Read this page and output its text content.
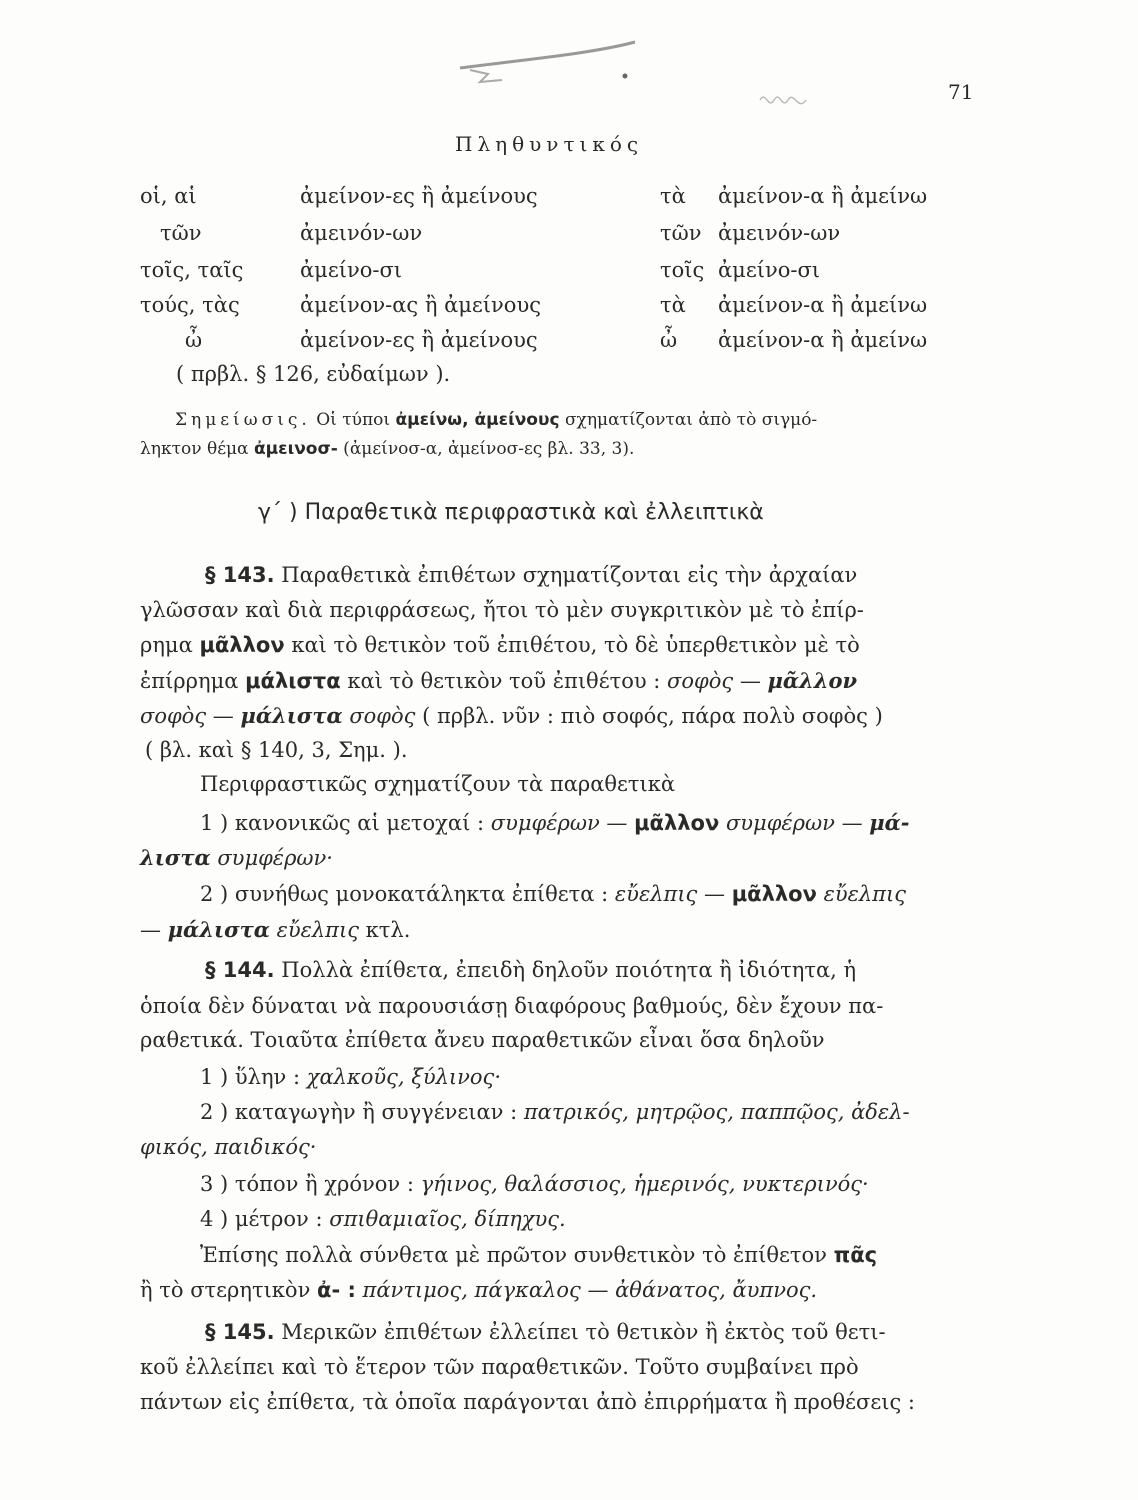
71
Πληθυντικός
οἱ, αἱ	ἀμείνον-ες ἢ ἀμείνους	τὰ ἀμείνον-α ἢ ἀμείνω
τῶν	ἀμεινόν-ων	τῶν ἀμεινόν-ων
τοῖς, ταῖς	ἀμείνο-σι	τοῖς ἀμείνο-σι
τούς, τὰς	ἀμείνον-ας ἢ ἀμείνους	τὰ ἀμείνον-α ἢ ἀμείνω
ὦ	ἀμείνον-ες ἢ ἀμείνους	ὦ ἀμείνον-α ἢ ἀμείνω
( πρβλ. § 126, εὐδαίμων ).
Σημείωσις. Οἱ τύποι ἀμείνω, ἀμείνους σχηματίζονται ἀπὸ τὸ σιγμό-
ληκτον θέμα ἀμεινοσ- (ἀμείνοσ-α, ἀμείνοσ-ες βλ. 33, 3).
γ΄ ) Παραθετικὰ περιφραστικὰ καὶ ἐλλειπτικὰ
§ 143. Παραθετικὰ ἐπιθέτων σχηματίζονται εἰς τὴν ἀρχαίαν
γλῶσσαν καὶ διὰ περιφράσεως, ἤτοι τὸ μὲν συγκριτικὸν μὲ τὸ ἐπίρ-
ρημα μᾶλλον καὶ τὸ θετικὸν τοῦ ἐπιθέτου, τὸ δὲ ὑπερθετικὸν μὲ τὸ
ἐπίρρημα μάλιστα καὶ τὸ θετικὸν τοῦ ἐπιθέτου : σοφὸς — μᾶλλον
σοφὸς — μάλιστα σοφὸς ( πρβλ. νῦν : πιὸ σοφός, πάρα πολὺ σοφὸς )
( βλ. καὶ § 140, 3, Σημ. ).
Περιφραστικῶς σχηματίζουν τὰ παραθετικὰ
1 ) κανονικῶς αἱ μετοχαί : συμφέρων — μᾶλλον συμφέρων — μά-
λιστα συμφέρων·
2 ) συνήθως μονοκατάληκτα ἐπίθετα : εὔελπις — μᾶλλον εὔελπις
— μάλιστα εὔελπις κτλ.
§ 144. Πολλὰ ἐπίθετα, ἐπειδὴ δηλοῦν ποιότητα ἢ ἰδιότητα, ἡ
ὁποία δὲν δύναται νὰ παρουσιάσῃ διαφόρους βαθμούς, δὲν ἔχουν πα-
ραθετικά. Τοιαῦτα ἐπίθετα ἄνευ παραθετικῶν εἶναι ὅσα δηλοῦν
1 ) ὕλην : χαλκοῦς, ξύλινος·
2 ) καταγωγὴν ἢ συγγένειαν : πατρικός, μητρῷος, παππῷος, ἀδελ-
φικός, παιδικός·
3 ) τόπον ἢ χρόνον : γήινος, θαλάσσιος, ἡμερινός, νυκτερινός·
4 ) μέτρον : σπιθαμιαῖος, δίπηχυς.
Ἐπίσης πολλὰ σύνθετα μὲ πρῶτον συνθετικὸν τὸ ἐπίθετον πᾶς
ἢ τὸ στερητικὸν ἀ- : πάντιμος, πάγκαλος — ἀθάνατος, ἄυπνος.
§ 145. Μερικῶν ἐπιθέτων ἐλλείπει τὸ θετικὸν ἢ ἐκτὸς τοῦ θετι-
κοῦ ἐλλείπει καὶ τὸ ἕτερον τῶν παραθετικῶν. Τοῦτο συμβαίνει πρὸ
πάντων εἰς ἐπίθετα, τὰ ὁποῖα παράγονται ἀπὸ ἐπιρρήματα ἢ προθέσεις :
